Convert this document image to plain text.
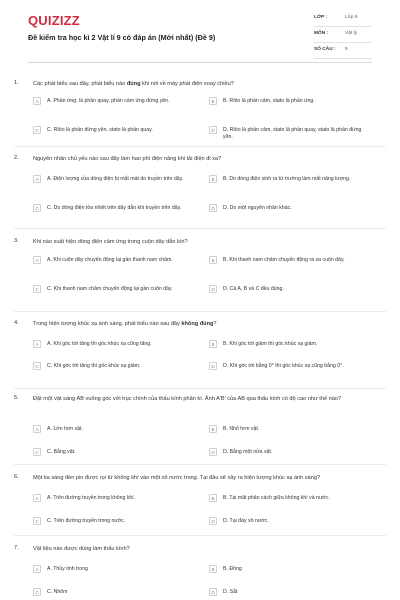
QUIZIZZ
Đề kiểm tra học kì 2 Vật lí 9 có đáp án (Mới nhất) (Đề 9)
LỚP :	Lớp 9
MÔN :	Vật lý
SỐ CÂU : 9
1.	Các phát biểu sau đây, phát biểu nào đúng khi nói về máy phát điện xoay chiều?
A	A. Phần ứng: là phần quay, phần cảm ứng đứng yên.	B	B. Rôto là phần cảm, stato là phần ứng.
C	C. Rôto là phần đứng yên, stato là phần quay.	D	D. Rôto là phần cảm, stato là phần quay, stato là phần đứng yên.
2.	Nguyên nhân chủ yếu nào sau đây làm hao phí điện năng khi tải điện đi xa?
A	A. Điện lượng của dòng điện bị mất mát do truyền trên dây.	B	B. Do dòng điện sinh ra từ trường làm mất năng lượng.
C	C. Do dòng điện tỏa nhiệt trên dây dẫn khi truyền trên dây.	D	D. Do một nguyên nhân khác.
3.	Khi nào xuất hiện dòng điện cảm ứng trong cuộn dây dẫn kín?
A	A. Khi cuộn dây chuyển động lại gần thanh nam châm.	B	B. Khi thanh nam châm chuyển động ra xa cuộn dây.
C	C. Khi thanh nam châm chuyển động lại gần cuộn dây.	D	D. Cả A, B và C đều đúng.
4.	Trong hiện tượng khúc xạ ánh sáng, phát biểu nào sau đây không đúng?
A	A. Khi góc tới tăng thì góc khúc xạ cũng tăng.	B	B. Khi góc tới giảm thì góc khúc xạ giảm.
C	C. Khi góc tới tăng thì góc khúc xạ giảm.	D	D. Khi góc tới bằng 0° thì góc khúc xạ cũng bằng 0°.
5.	Đặt một vật sáng AB vuông góc với trục chính của thấu kính phân kì. Ảnh A'B' của AB qua thấu kính có độ cao như thế nào?
A	A. Lớn hơn vật.	B	B. Nhỏ hơn vật.
C	C. Bằng vật.	D	D. Bằng một nửa vật.
6.	Một tia sáng đèn pin được rọi từ không khí vào một xô nước trong. Tại đâu sẽ xảy ra hiện tượng khúc xạ ánh sáng?
A	A. Trên đường truyền trong không khí.	B	B. Tại mặt phân cách giữa không khí và nước.
C	C. Trên đường truyền trong nước.	D	D. Tại đáy xô nước.
7.	Vật liệu nào được dùng làm thấu kính?
A	A. Thủy tinh trong	B	B. Đồng
C	C. Nhôm	D	D. Sắt
